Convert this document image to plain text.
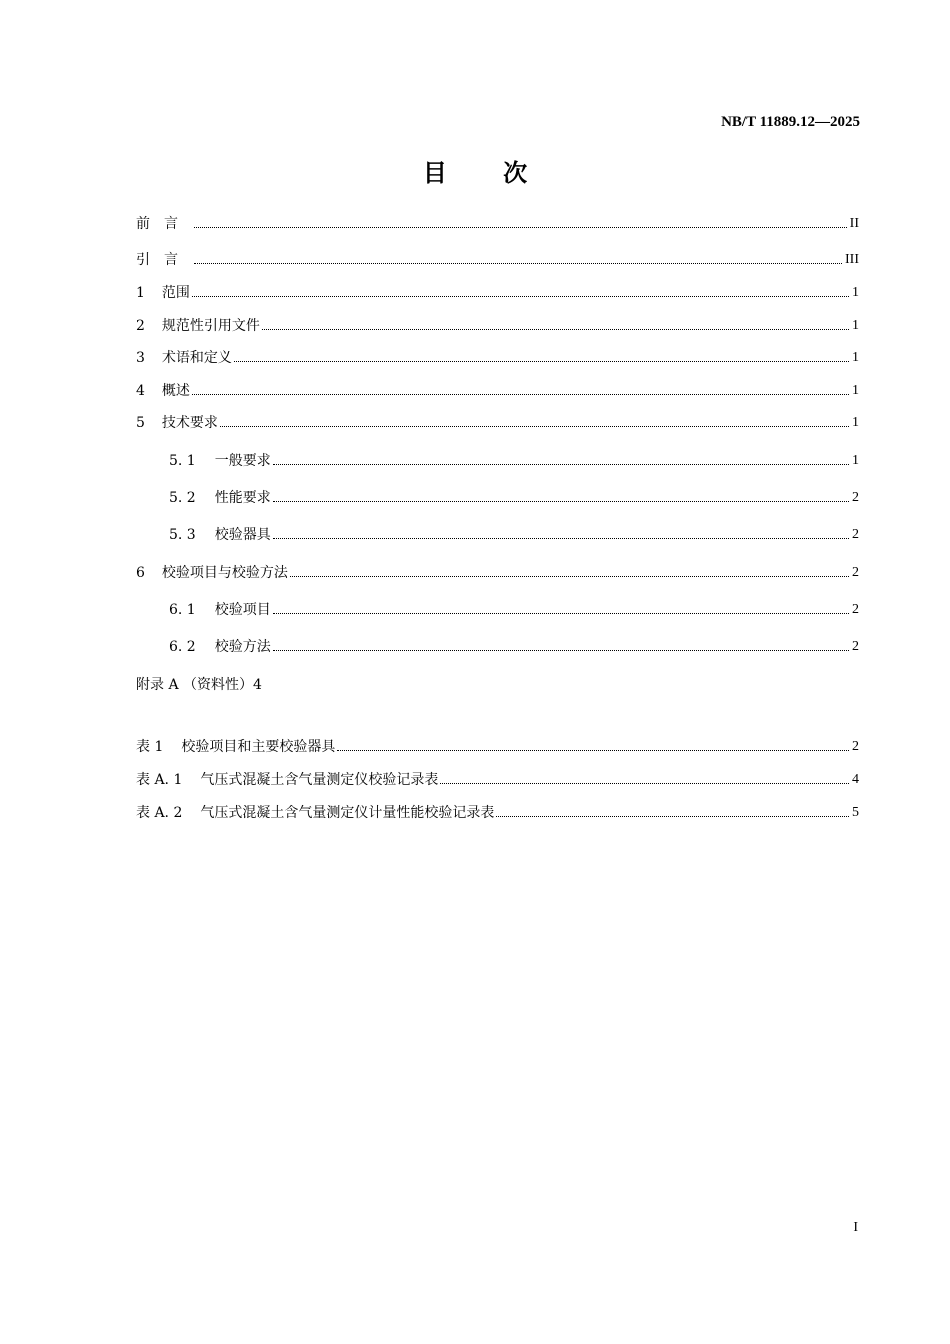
NB/T 11889.12—2025
目 次
前言	II
引言	III
1 范围	1
2 规范性引用文件	1
3 术语和定义	1
4 概述	1
5 技术要求	1
5. 1 一般要求	1
5. 2 性能要求	2
5. 3 校验器具	2
6 校验项目与校验方法	2
6. 1 校验项目	2
6. 2 校验方法	2
附录 A （资料性）4
表 1 校验项目和主要校验器具	2
表 A. 1 气压式混凝土含气量测定仪校验记录表	4
表 A. 2 气压式混凝土含气量测定仪计量性能校验记录表	5
I
